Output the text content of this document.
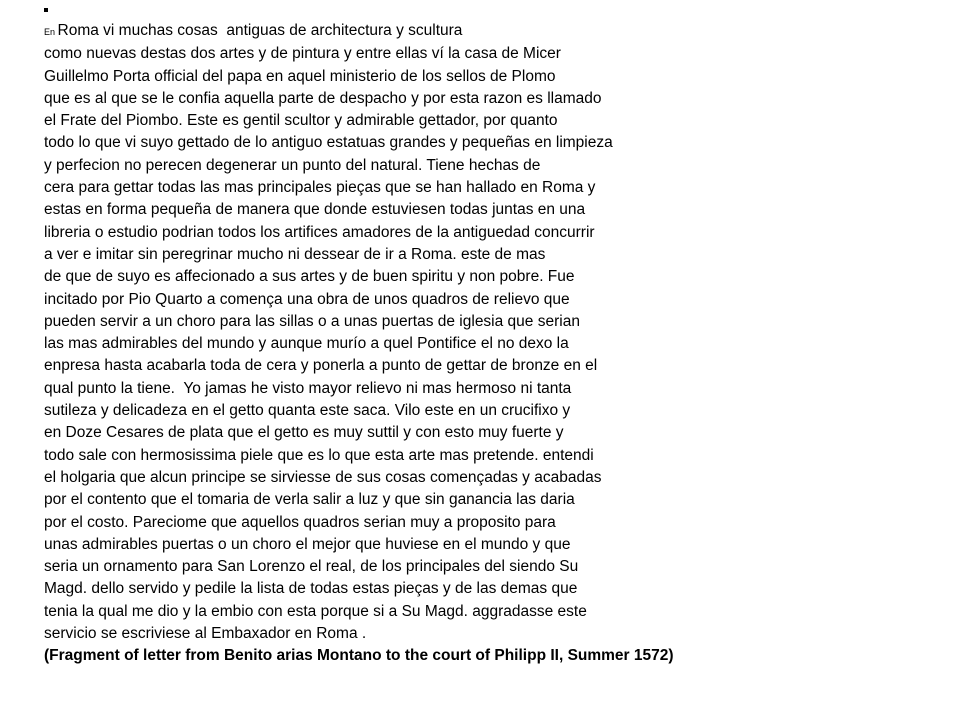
En Roma vi muchas cosas  antiguas de architectura y scultura
como nuevas destas dos artes y de pintura y entre ellas ví la casa de Micer
Guillelmo Porta official del papa en aquel ministerio de los sellos de Plomo
que es al que se le confia aquella parte de despacho y por esta razon es llamado
el Frate del Piombo. Este es gentil scultor y admirable gettador, por quanto
todo lo que vi suyo gettado de lo antiguo estatuas grandes y pequeñas en limpieza
y perfecion no perecen degenerar un punto del natural. Tiene hechas de
cera para gettar todas las mas principales pieças que se han hallado en Roma y
estas en forma pequeña de manera que donde estuviesen todas juntas en una
libreria o estudio podrian todos los artifices amadores de la antiguedad concurrir
a ver e imitar sin peregrinar mucho ni dessear de ir a Roma. este de mas
de que de suyo es affecionado a sus artes y de buen spiritu y non pobre. Fue
incitado por Pio Quarto a comença una obra de unos quadros de relievo que
pueden servir a un choro para las sillas o a unas puertas de iglesia que serian
las mas admirables del mundo y aunque murío a quel Pontifice el no dexo la
enpresa hasta acabarla toda de cera y ponerla a punto de gettar de bronze en el
qual punto la tiene.  Yo jamas he visto mayor relievo ni mas hermoso ni tanta
sutileza y delicadeza en el getto quanta este saca. Vilo este en un crucifixo y
en Doze Cesares de plata que el getto es muy suttil y con esto muy fuerte y
todo sale con hermosissima piele que es lo que esta arte mas pretende. entendi
el holgaria que alcun principe se sirviesse de sus cosas començadas y acabadas
por el contento que el tomaria de verla salir a luz y que sin ganancia las daria
por el costo. Pareciome que aquellos quadros serian muy a proposito para
unas admirables puertas o un choro el mejor que huviese en el mundo y que
seria un ornamento para San Lorenzo el real, de los principales del siendo Su
Magd. dello servido y pedile la lista de todas estas pieças y de las demas que
tenia la qual me dio y la embio con esta porque si a Su Magd. aggradasse este
servicio se escriviese al Embaxador en Roma .
(Fragment of letter from Benito arias Montano to the court of Philipp II, Summer 1572)
